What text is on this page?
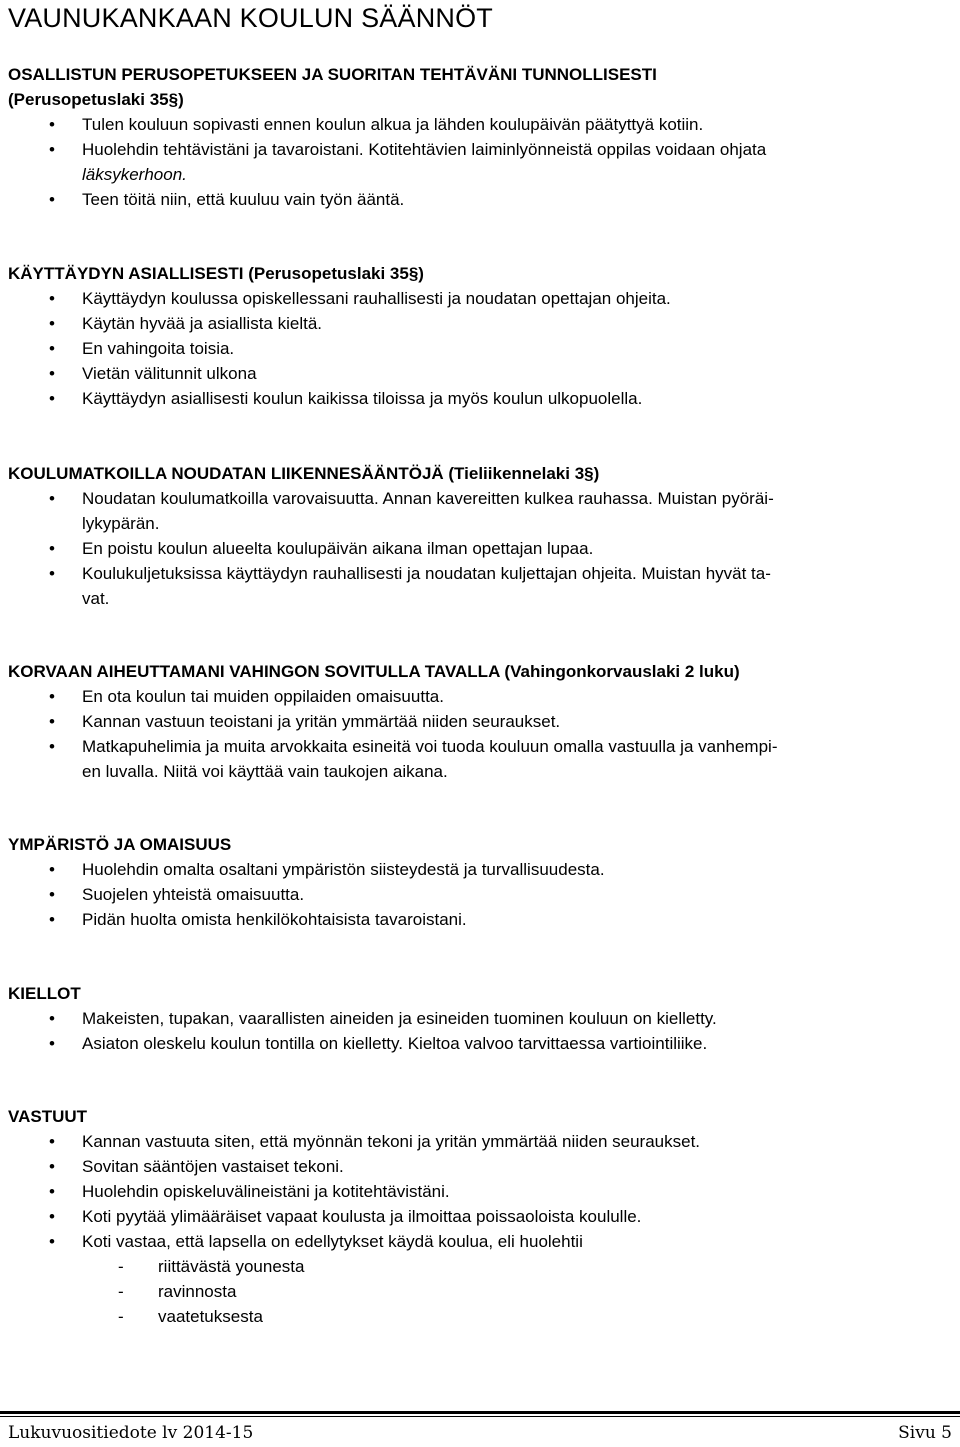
VAUNUKANKAAN KOULUN SÄÄNNÖT
OSALLISTUN PERUSOPETUKSEEN JA SUORITAN TEHTÄVÄNI TUNNOLLISESTI
(Perusopetuslaki 35§)
•	Tulen kouluun sopivasti ennen koulun alkua ja lähden koulupäivän päätyttyä kotiin.
•	Huolehdin tehtävistäni ja tavaroistani. Kotitehtävien laiminlyönneistä oppilas voidaan ohjata
läksykerhoon.
•	Teen töitä niin, että kuuluu vain työn ääntä.
KÄYTTÄYDYN ASIALLISESTI (Perusopetuslaki 35§)
•	Käyttäydyn koulussa opiskellessani rauhallisesti ja noudatan opettajan ohjeita.
•	Käytän hyvää ja asiallista kieltä.
•	En vahingoita toisia.
•	Vietän välitunnit ulkona
•	Käyttäydyn asiallisesti koulun kaikissa tiloissa ja myös koulun ulkopuolella.
KOULUMATKOILLA NOUDATAN LIIKENNESÄÄNTÖJÄ (Tieliikennelaki 3§)
•	Noudatan koulumatkoilla varovaisuutta. Annan kavereitten kulkea rauhassa. Muistan pyöräi-
lykypärän.
•	En poistu koulun alueelta koulupäivän aikana ilman opettajan lupaa.
•	Koulukuljetuksissa käyttäydyn rauhallisesti ja noudatan kuljettajan ohjeita. Muistan hyvät ta-
vat.
KORVAAN AIHEUTTAMANI VAHINGON SOVITULLA TAVALLA (Vahingonkorvauslaki 2 luku)
•	En ota koulun tai muiden oppilaiden omaisuutta.
•	Kannan vastuun teoistani ja yritän ymmärtää niiden seuraukset.
•	Matkapuhelimia ja muita arvokkaita esineitä voi tuoda kouluun omalla vastuulla ja vanhempi-
en luvalla. Niitä voi käyttää vain taukojen aikana.
YMPÄRISTÖ JA OMAISUUS
•	Huolehdin omalta osaltani ympäristön siisteydestä ja turvallisuudesta.
•	Suojelen yhteistä omaisuutta.
•	Pidän huolta omista henkilökohtaisista tavaroistani.
KIELLOT
•	Makeisten, tupakan, vaarallisten aineiden ja esineiden tuominen kouluun on kielletty.
•	Asiaton oleskelu koulun tontilla on kielletty. Kieltoa valvoo tarvittaessa vartiointiliike.
VASTUUT
•	Kannan vastuuta siten, että myönnän tekoni ja yritän ymmärtää niiden seuraukset.
•	Sovitan sääntöjen vastaiset tekoni.
•	Huolehdin opiskeluvälineistäni ja kotitehtävistäni.
•	Koti pyytää ylimääräiset vapaat koulusta ja ilmoittaa poissaoloista koululle.
•	Koti vastaa, että lapsella on edellytykset käydä koulua, eli huolehtii
- riittävästä younesta
- ravinnosta
- vaatetuksesta
Lukuvuositiedote lv 2014-15	Sivu 5
